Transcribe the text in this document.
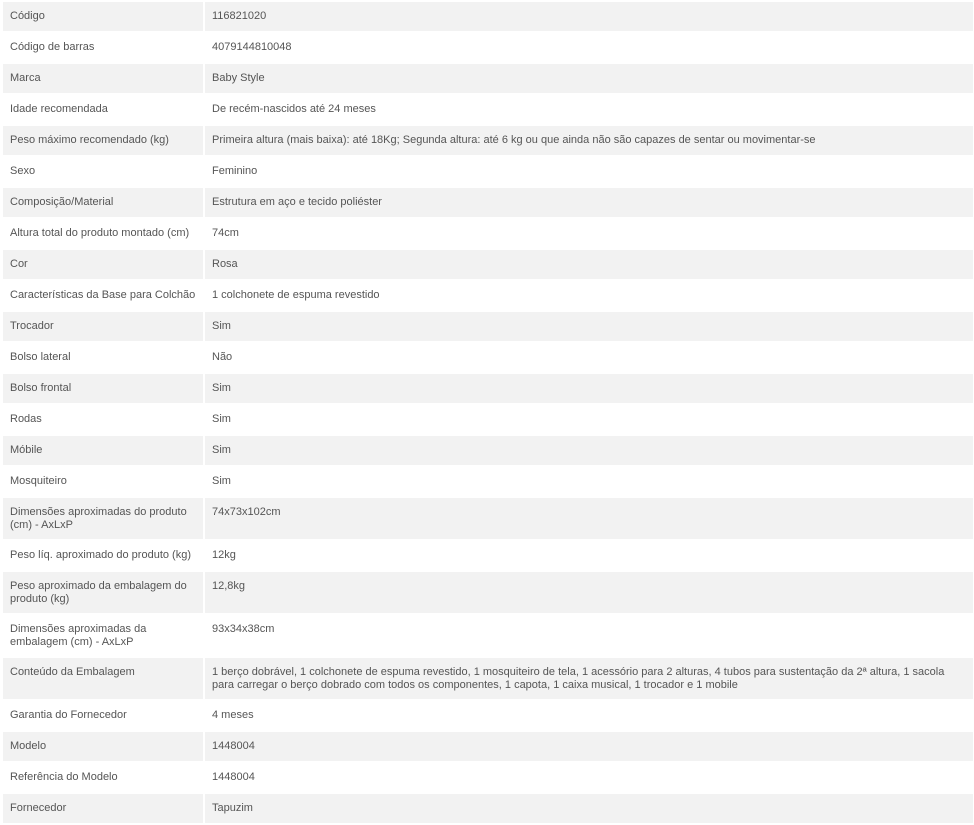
Código	116821020
Código de barras	4079144810048
Marca	Baby Style
Idade recomendada	De recém-nascidos até 24 meses
Peso máximo recomendado (kg)	Primeira altura (mais baixa): até 18Kg; Segunda altura: até 6 kg ou que ainda não são capazes de sentar ou movimentar-se
Sexo	Feminino
Composição/Material	Estrutura em aço e tecido poliéster
Altura total do produto montado (cm)	74cm
Cor	Rosa
Características da Base para Colchão	1 colchonete de espuma revestido
Trocador	Sim
Bolso lateral	Não
Bolso frontal	Sim
Rodas	Sim
Móbile	Sim
Mosquiteiro	Sim
Dimensões aproximadas do produto (cm) - AxLxP	74x73x102cm
Peso líq. aproximado do produto (kg)	12kg
Peso aproximado da embalagem do produto (kg)	12,8kg
Dimensões aproximadas da embalagem (cm) - AxLxP	93x34x38cm
Conteúdo da Embalagem	1 berço dobrável, 1 colchonete de espuma revestido, 1 mosquiteiro de tela, 1 acessório para 2 alturas, 4 tubos para sustentação da 2ª altura, 1 sacola para carregar o berço dobrado com todos os componentes, 1 capota, 1 caixa musical, 1 trocador e 1 mobile
Garantia do Fornecedor	4 meses
Modelo	1448004
Referência do Modelo	1448004
Fornecedor	Tapuzim
